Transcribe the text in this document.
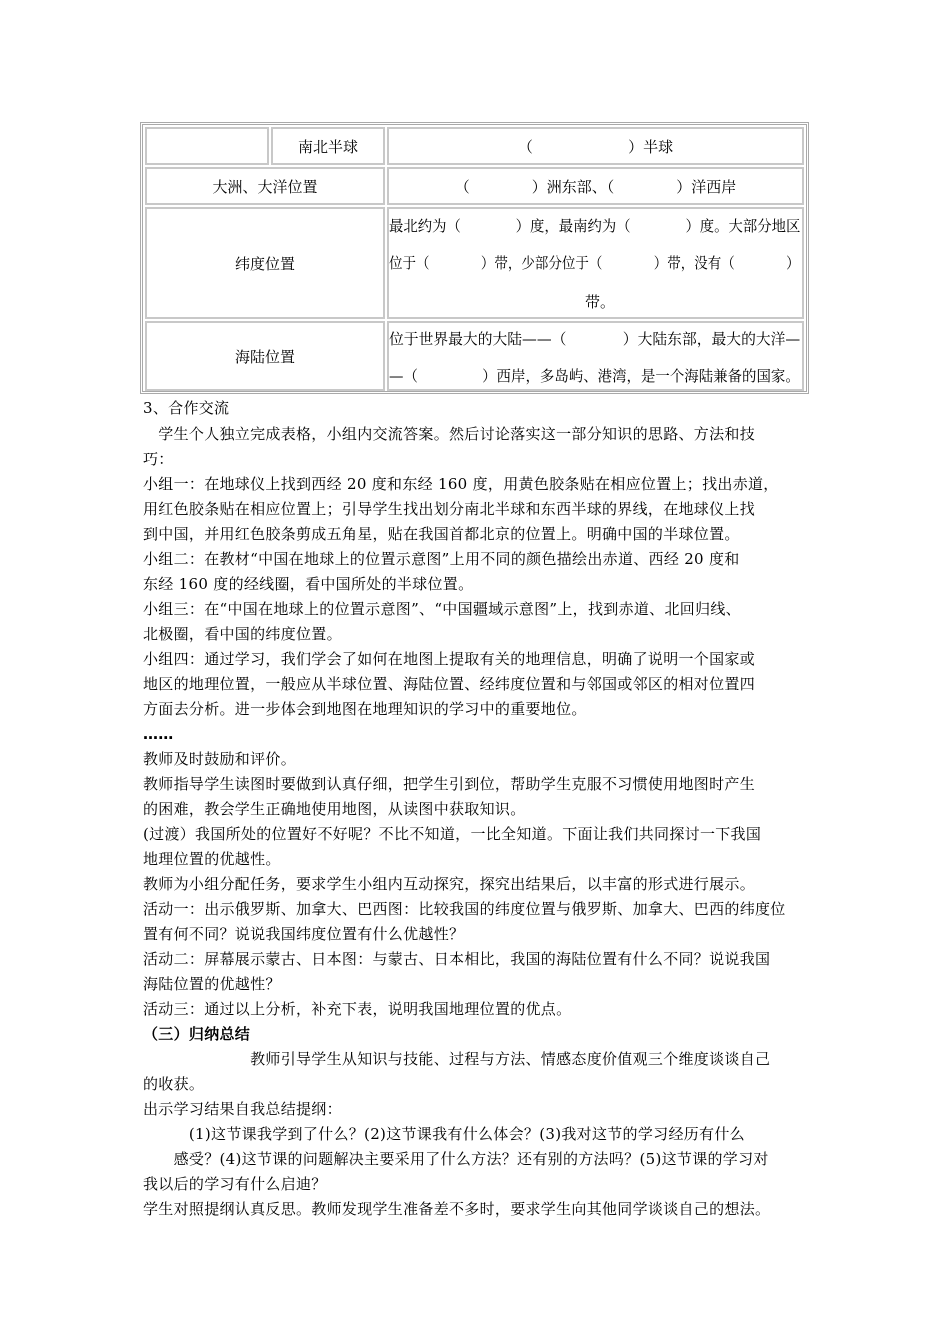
南北半球	（                    ）半球
大洲、大洋位置	（             ）洲东部、（             ）洋西岸
纬度位置
最北约为（            ）度，最南约为（            ）度。大部分地区
位于（            ）带，少部分位于（            ）带，没有（            ）
带。
海陆位置
位于世界最大的大陆——（            ）大陆东部，最大的大洋—
—（              ）西岸，多岛屿、港湾，是一个海陆兼备的国家。
3、合作交流
　学生个人独立完成表格，小组内交流答案。然后讨论落实这一部分知识的思路、方法和技
巧：
小组一：在地球仪上找到西经 20 度和东经 160 度，用黄色胶条贴在相应位置上；找出赤道，
用红色胶条贴在相应位置上；引导学生找出划分南北半球和东西半球的界线，在地球仪上找
到中国，并用红色胶条剪成五角星，贴在我国首都北京的位置上。明确中国的半球位置。
小组二：在教材“中国在地球上的位置示意图”上用不同的颜色描绘出赤道、西经 20 度和
东经 160 度的经线圈，看中国所处的半球位置。
小组三：在“中国在地球上的位置示意图”、“中国疆域示意图”上，找到赤道、北回归线、
北极圈，看中国的纬度位置。
小组四：通过学习，我们学会了如何在地图上提取有关的地理信息，明确了说明一个国家或
地区的地理位置，一般应从半球位置、海陆位置、经纬度位置和与邻国或邻区的相对位置四
方面去分析。进一步体会到地图在地理知识的学习中的重要地位。
……
教师及时鼓励和评价。
教师指导学生读图时要做到认真仔细，把学生引到位，帮助学生克服不习惯使用地图时产生
的困难，教会学生正确地使用地图，从读图中获取知识。
(过渡）我国所处的位置好不好呢？不比不知道，一比全知道。下面让我们共同探讨一下我国
地理位置的优越性。
教师为小组分配任务，要求学生小组内互动探究，探究出结果后，以丰富的形式进行展示。
活动一：出示俄罗斯、加拿大、巴西图：比较我国的纬度位置与俄罗斯、加拿大、巴西的纬度位
置有何不同？说说我国纬度位置有什么优越性？
活动二：屏幕展示蒙古、日本图：与蒙古、日本相比，我国的海陆位置有什么不同？说说我国
海陆位置的优越性？
活动三：通过以上分析，补充下表，说明我国地理位置的优点。
（三）归纳总结
　　　　　　　教师引导学生从知识与技能、过程与方法、情感态度价值观三个维度谈谈自己
的收获。
出示学习结果自我总结提纲：
　　　(1)这节课我学到了什么？(2)这节课我有什么体会？(3)我对这节的学习经历有什么
　　感受？(4)这节课的问题解决主要采用了什么方法？还有别的方法吗？(5)这节课的学习对
我以后的学习有什么启迪？
学生对照提纲认真反思。教师发现学生准备差不多时，要求学生向其他同学谈谈自己的想法。
